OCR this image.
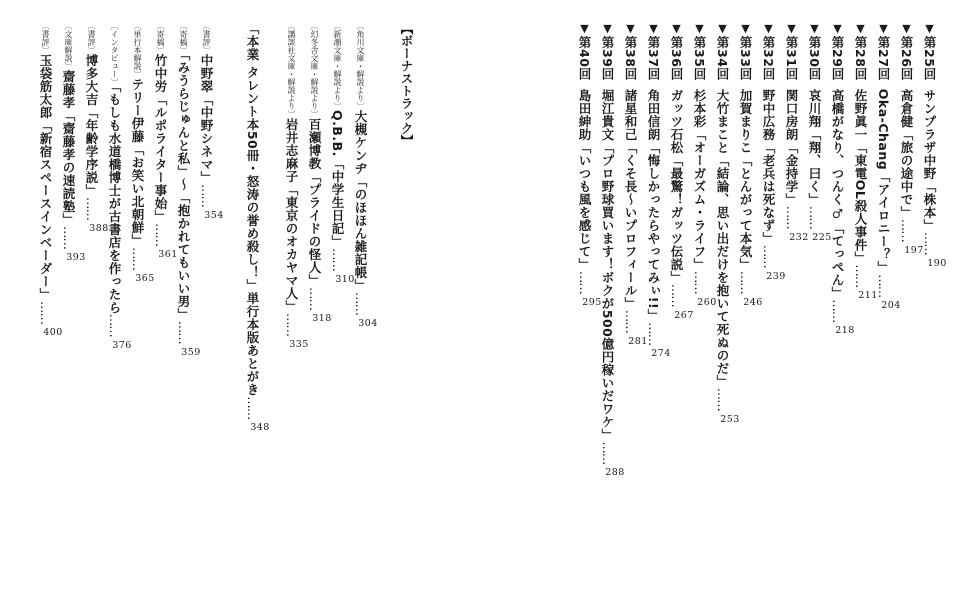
▼第25回 サンプラザ中野「株本」……190
▼第26回 高倉健「旅の途中で」……197
▼第27回 Oka-Chang「アイロニー？」……204
▼第28回 佐野眞一「東電OL殺人事件」……211
▼第29回 高橋がなり、つんく♂「てっぺん」……218
▼第30回 哀川翔「翔、曰く」……225
▼第31回 関口房朗「金持学」……232
▼第32回 野中広務「老兵は死なず」……239
▼第33回 加賀まりこ「とんがって本気」……246
▼第34回 大竹まこと「結論、思い出だけを抱いて死ぬのだ」……253
▼第35回 杉本彩「オーガズム・ライフ」……260
▼第36回 ガッツ石松「最驚！ガッツ伝説」……267
▼第37回 角田信朗「悔しかったらやってみぃ!!」……274
▼第38回 諸星和己「くそ長〜いプロフィール」……281
▼第39回 堀江貴文「プロ野球買います！ボクが500億円稼いだワケ」……288
▼第40回 島田紳助「いつも風を感じて」……295
【ボーナストラック】
〔角川文庫・解説より〕大槻ケンヂ「のほほん雑記帳」……304
〔新潮文庫・解説より〕Q.B.B.「中学生日記」……310
〔幻冬舎文庫・解説より〕百瀬博教「プライドの怪人」……318
〔講談社文庫・解説より〕岩井志麻子「東京のオカヤマ人」……335
「本業 タレント本50冊・怒涛の誉め殺し！」単行本版あとがき……348
〔書評〕中野翠「中野シネマ」……354
〔寄稿〕「みうらじゅんと私」〜「抱かれてもいい男」……359
〔寄稿〕竹中労「ルポライター事始」……361
〔単行本解説〕テリー伊藤「お笑い北朝鮮」……365
〔インタビュー〕「もしも水道橋博士が古書店を作ったら……376
〔書評〕博多大吉「年齢学序説」……388
〔文庫解説〕齋藤孝「齋藤孝の速読塾」……393
〔書評〕玉袋筋太郎「新宿スペースインベーダー」……400
